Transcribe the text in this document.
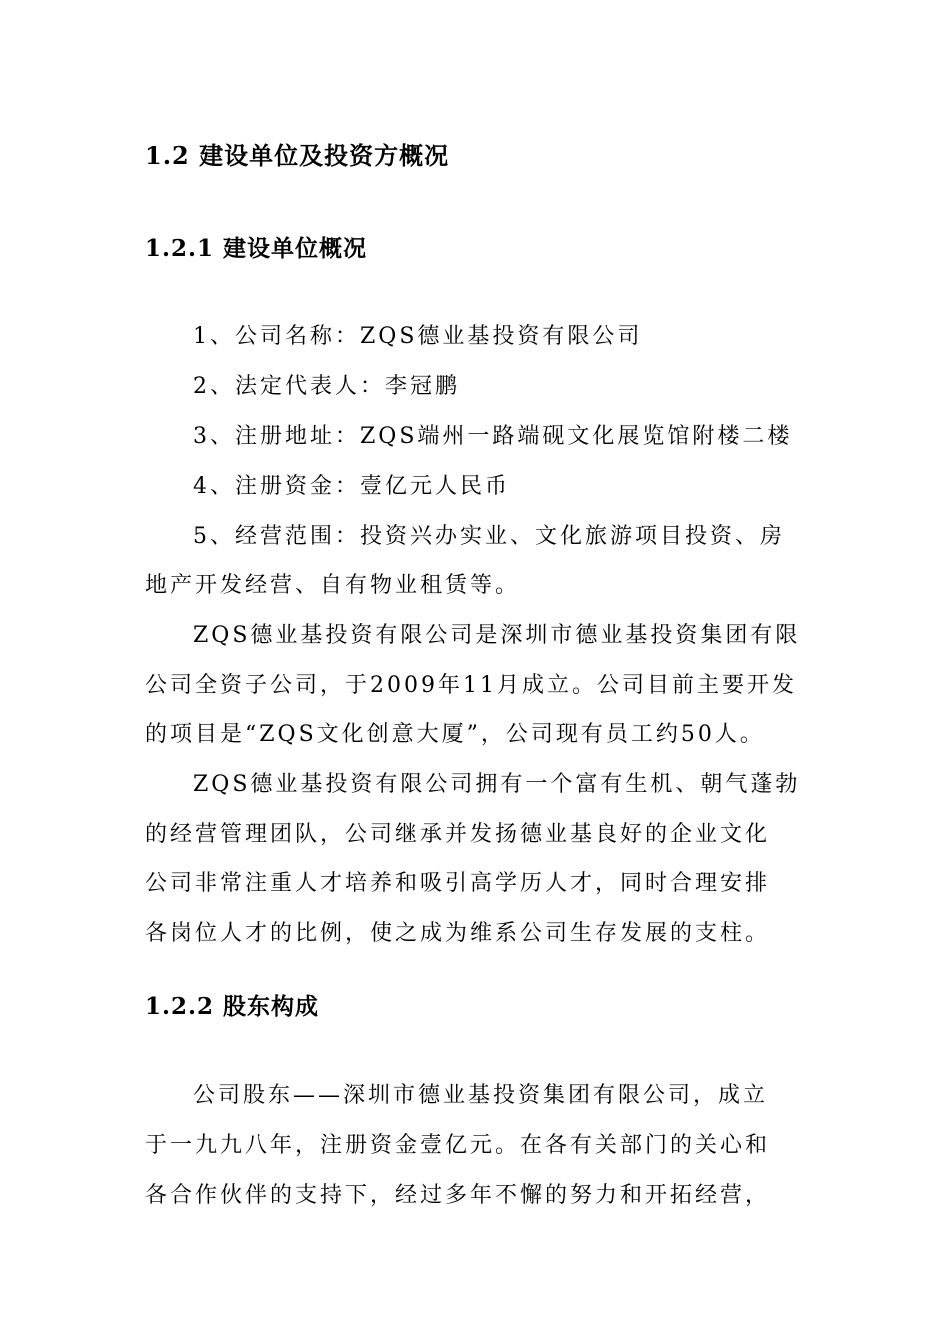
1.2 建设单位及投资方概况
1.2.1 建设单位概况
1、公司名称：ZQS德业基投资有限公司
2、法定代表人：李冠鹏
3、注册地址：ZQS端州一路端砚文化展览馆附楼二楼
4、注册资金：壹亿元人民币
5、经营范围：投资兴办实业、文化旅游项目投资、房
地产开发经营、自有物业租赁等。
ZQS德业基投资有限公司是深圳市德业基投资集团有限
公司全资子公司，于2009年11月成立。公司目前主要开发
的项目是“ZQS文化创意大厦”，公司现有员工约50人。
ZQS德业基投资有限公司拥有一个富有生机、朝气蓬勃
的经营管理团队，公司继承并发扬德业基良好的企业文化
公司非常注重人才培养和吸引高学历人才，同时合理安排
各岗位人才的比例，使之成为维系公司生存发展的支柱。
1.2.2 股东构成
公司股东——深圳市德业基投资集团有限公司，成立
于一九九八年，注册资金壹亿元。在各有关部门的关心和
各合作伙伴的支持下，经过多年不懈的努力和开拓经营，
